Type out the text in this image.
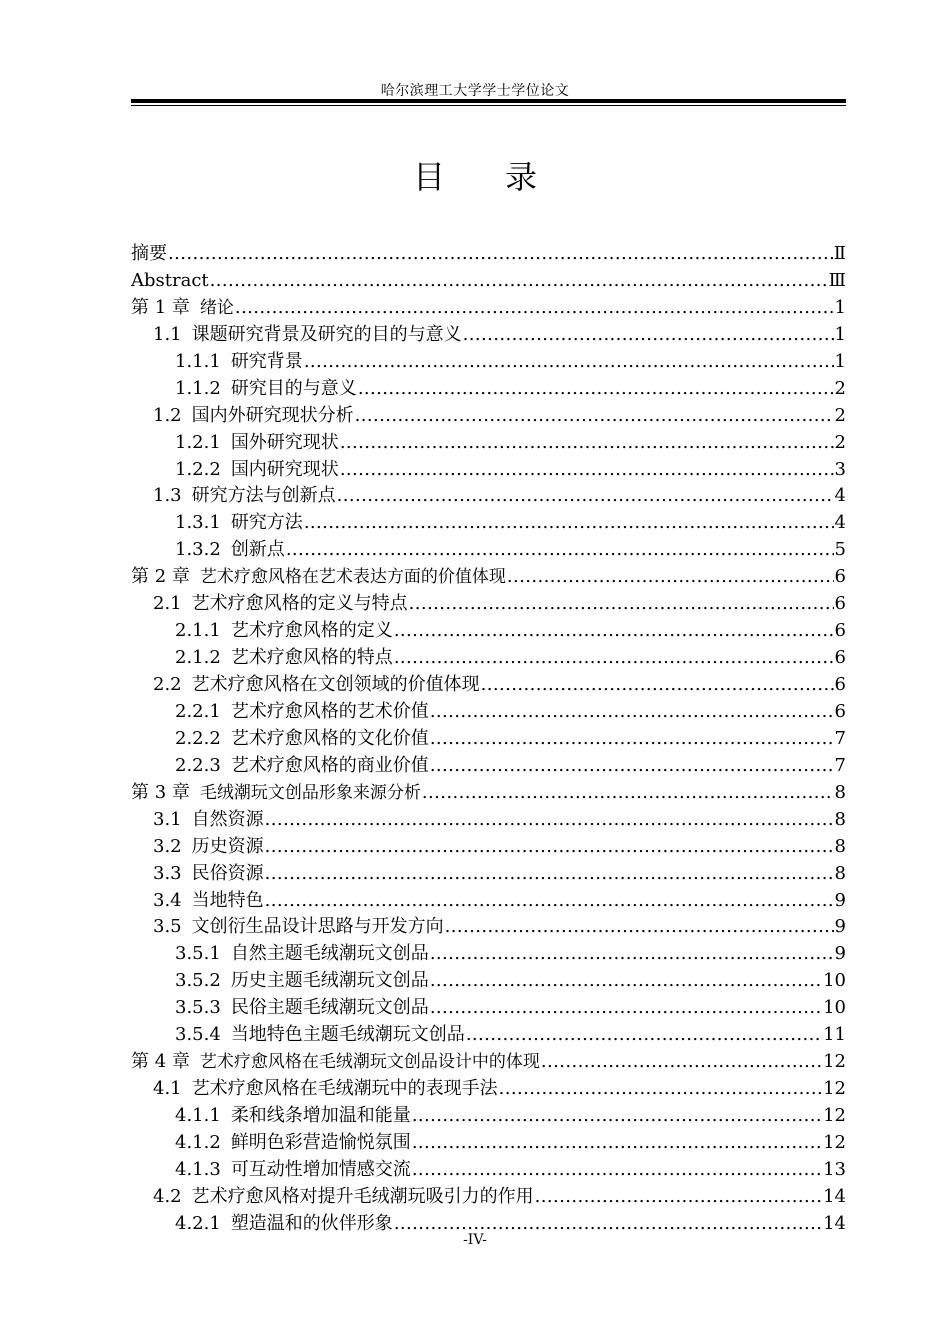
哈尔滨理工大学学士学位论文
目 录
摘要 .....	Ⅱ
Abstract .....	Ⅲ
第 1 章 绪论 .....	1
1.1 课题研究背景及研究的目的与意义 .....	1
1.1.1 研究背景 .....	1
1.1.2 研究目的与意义 .....	2
1.2 国内外研究现状分析 .....	2
1.2.1 国外研究现状 .....	2
1.2.2 国内研究现状 .....	3
1.3 研究方法与创新点 .....	4
1.3.1 研究方法 .....	4
1.3.2 创新点 .....	5
第 2 章 艺术疗愈风格在艺术表达方面的价值体现 .....	6
2.1 艺术疗愈风格的定义与特点 .....	6
2.1.1 艺术疗愈风格的定义 .....	6
2.1.2 艺术疗愈风格的特点 .....	6
2.2 艺术疗愈风格在文创领域的价值体现 .....	6
2.2.1 艺术疗愈风格的艺术价值 .....	6
2.2.2 艺术疗愈风格的文化价值 .....	7
2.2.3 艺术疗愈风格的商业价值 .....	7
第 3 章 毛绒潮玩文创品形象来源分析 .....	8
3.1 自然资源 .....	8
3.2 历史资源 .....	8
3.3 民俗资源 .....	8
3.4 当地特色 .....	9
3.5 文创衍生品设计思路与开发方向 .....	9
3.5.1 自然主题毛绒潮玩文创品 .....	9
3.5.2 历史主题毛绒潮玩文创品 .....	10
3.5.3 民俗主题毛绒潮玩文创品 .....	10
3.5.4 当地特色主题毛绒潮玩文创品 .....	11
第 4 章 艺术疗愈风格在毛绒潮玩文创品设计中的体现 .....	12
4.1 艺术疗愈风格在毛绒潮玩中的表现手法 .....	12
4.1.1 柔和线条增加温和能量 .....	12
4.1.2 鲜明色彩营造愉悦氛围 .....	12
4.1.3 可互动性增加情感交流 .....	13
4.2 艺术疗愈风格对提升毛绒潮玩吸引力的作用 .....	14
4.2.1 塑造温和的伙伴形象 .....	14
-IV-
